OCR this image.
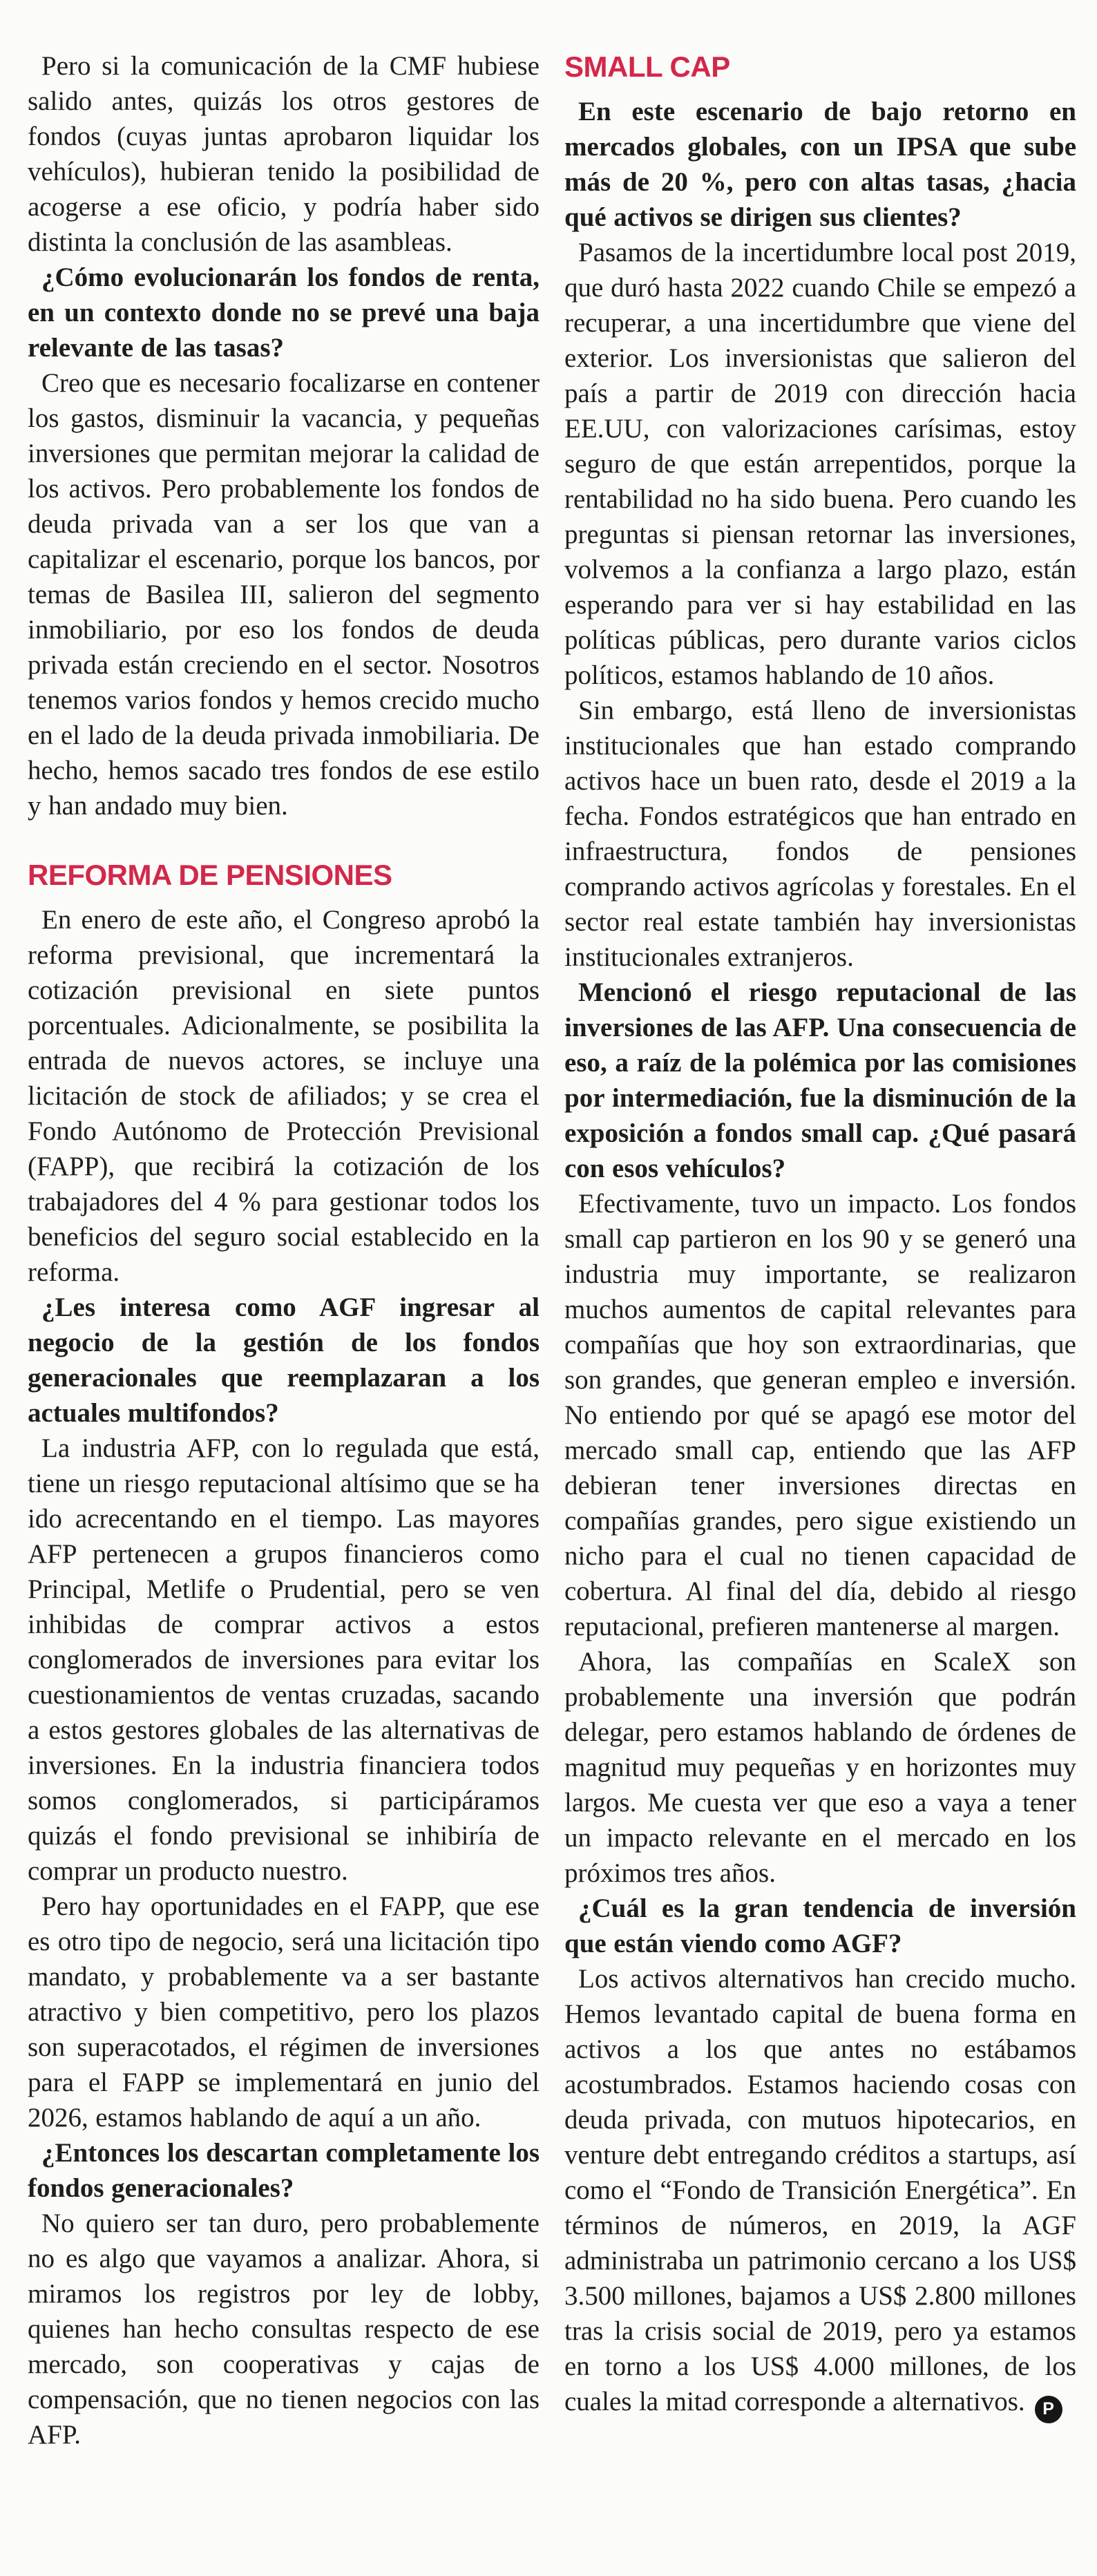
Pero si la comunicación de la CMF hubiese salido antes, quizás los otros gestores de fondos (cuyas juntas aprobaron liquidar los vehículos), hubieran tenido la posibilidad de acogerse a ese oficio, y podría haber sido distinta la conclusión de las asambleas.

¿Cómo evolucionarán los fondos de renta, en un contexto donde no se prevé una baja relevante de las tasas?

Creo que es necesario focalizarse en contener los gastos, disminuir la vacancia, y pequeñas inversiones que permitan mejorar la calidad de los activos. Pero probablemente los fondos de deuda privada van a ser los que van a capitalizar el escenario, porque los bancos, por temas de Basilea III, salieron del segmento inmobiliario, por eso los fondos de deuda privada están creciendo en el sector. Nosotros tenemos varios fondos y hemos crecido mucho en el lado de la deuda privada inmobiliaria. De hecho, hemos sacado tres fondos de ese estilo y han andado muy bien.

REFORMA DE PENSIONES

En enero de este año, el Congreso aprobó la reforma previsional, que incrementará la cotización previsional en siete puntos porcentuales. Adicionalmente, se posibilita la entrada de nuevos actores, se incluye una licitación de stock de afiliados; y se crea el Fondo Autónomo de Protección Previsional (FAPP), que recibirá la cotización de los trabajadores del 4 % para gestionar todos los beneficios del seguro social establecido en la reforma.

¿Les interesa como AGF ingresar al negocio de la gestión de los fondos generacionales que reemplazaran a los actuales multifondos?

La industria AFP, con lo regulada que está, tiene un riesgo reputacional altísimo que se ha ido acrecentando en el tiempo. Las mayores AFP pertenecen a grupos financieros como Principal, Metlife o Prudential, pero se ven inhibidas de comprar activos a estos conglomerados de inversiones para evitar los cuestionamientos de ventas cruzadas, sacando a estos gestores globales de las alternativas de inversiones. En la industria financiera todos somos conglomerados, si participáramos quizás el fondo previsional se inhibiría de comprar un producto nuestro.

Pero hay oportunidades en el FAPP, que ese es otro tipo de negocio, será una licitación tipo mandato, y probablemente va a ser bastante atractivo y bien competitivo, pero los plazos son superacotados, el régimen de inversiones para el FAPP se implementará en junio del 2026, estamos hablando de aquí a un año.

¿Entonces los descartan completamente los fondos generacionales?

No quiero ser tan duro, pero probablemente no es algo que vayamos a analizar. Ahora, si miramos los registros por ley de lobby, quienes han hecho consultas respecto de ese mercado, son cooperativas y cajas de compensación, que no tienen negocios con las AFP.

SMALL CAP

En este escenario de bajo retorno en mercados globales, con un IPSA que sube más de 20 %, pero con altas tasas, ¿hacia qué activos se dirigen sus clientes?

Pasamos de la incertidumbre local post 2019, que duró hasta 2022 cuando Chile se empezó a recuperar, a una incertidumbre que viene del exterior. Los inversionistas que salieron del país a partir de 2019 con dirección hacia EE.UU, con valorizaciones carísimas, estoy seguro de que están arrepentidos, porque la rentabilidad no ha sido buena. Pero cuando les preguntas si piensan retornar las inversiones, volvemos a la confianza a largo plazo, están esperando para ver si hay estabilidad en las políticas públicas, pero durante varios ciclos políticos, estamos hablando de 10 años.

Sin embargo, está lleno de inversionistas institucionales que han estado comprando activos hace un buen rato, desde el 2019 a la fecha. Fondos estratégicos que han entrado en infraestructura, fondos de pensiones comprando activos agrícolas y forestales. En el sector real estate también hay inversionistas institucionales extranjeros.

Mencionó el riesgo reputacional de las inversiones de las AFP. Una consecuencia de eso, a raíz de la polémica por las comisiones por intermediación, fue la disminución de la exposición a fondos small cap. ¿Qué pasará con esos vehículos?

Efectivamente, tuvo un impacto. Los fondos small cap partieron en los 90 y se generó una industria muy importante, se realizaron muchos aumentos de capital relevantes para compañías que hoy son extraordinarias, que son grandes, que generan empleo e inversión. No entiendo por qué se apagó ese motor del mercado small cap, entiendo que las AFP debieran tener inversiones directas en compañías grandes, pero sigue existiendo un nicho para el cual no tienen capacidad de cobertura. Al final del día, debido al riesgo reputacional, prefieren mantenerse al margen.

Ahora, las compañías en ScaleX son probablemente una inversión que podrán delegar, pero estamos hablando de órdenes de magnitud muy pequeñas y en horizontes muy largos. Me cuesta ver que eso a vaya a tener un impacto relevante en el mercado en los próximos tres años.

¿Cuál es la gran tendencia de inversión que están viendo como AGF?

Los activos alternativos han crecido mucho. Hemos levantado capital de buena forma en activos a los que antes no estábamos acostumbrados. Estamos haciendo cosas con deuda privada, con mutuos hipotecarios, en venture debt entregando créditos a startups, así como el “Fondo de Transición Energética”. En términos de números, en 2019, la AGF administraba un patrimonio cercano a los US$ 3.500 millones, bajamos a US$ 2.800 millones tras la crisis social de 2019, pero ya estamos en torno a los US$ 4.000 millones, de los cuales la mitad corresponde a alternativos. P
